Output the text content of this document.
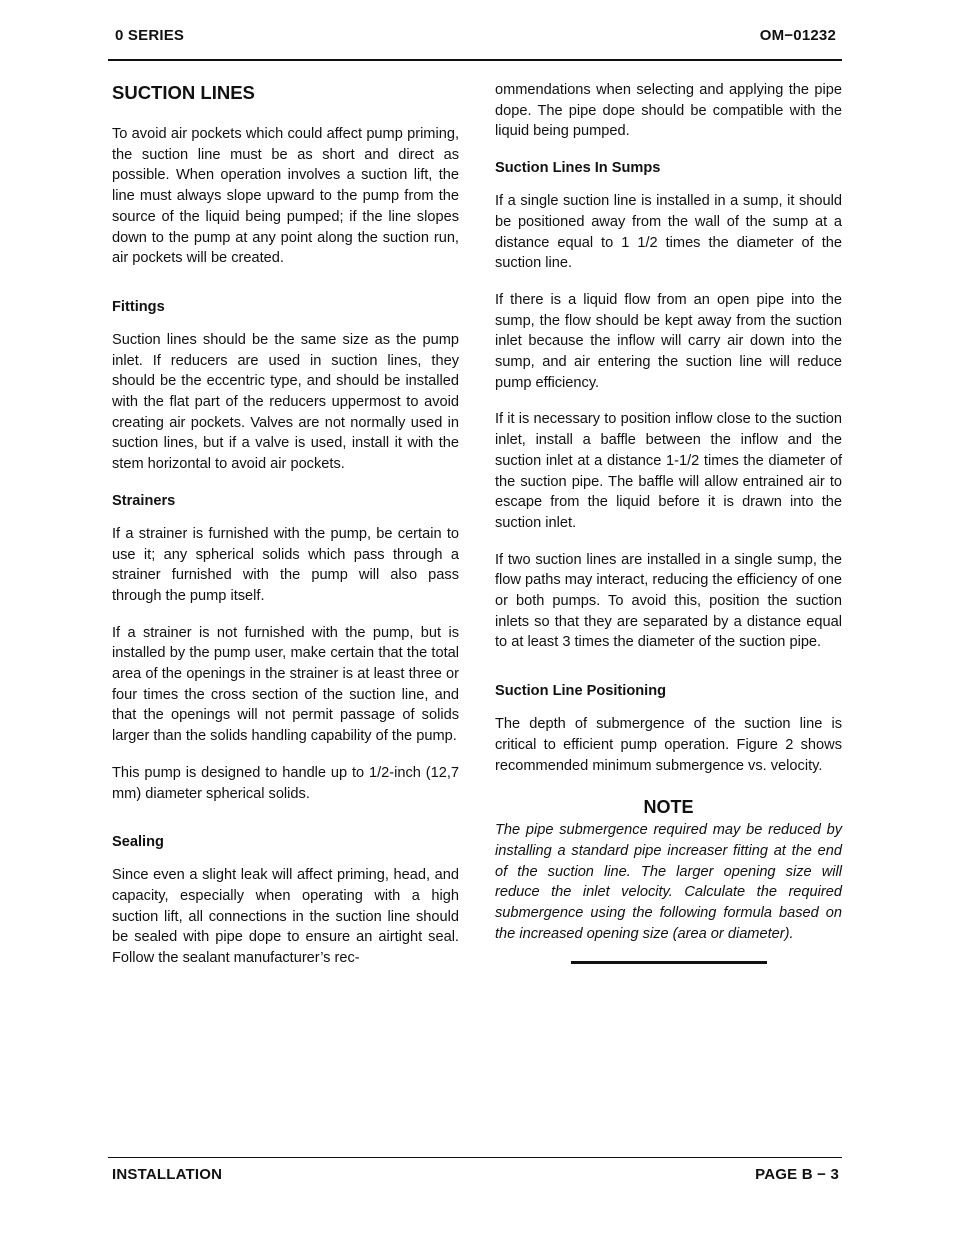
0 SERIES	OM−01232
SUCTION LINES

To avoid air pockets which could affect pump priming, the suction line must be as short and direct as possible. When operation involves a suction lift, the line must always slope upward to the pump from the source of the liquid being pumped; if the line slopes down to the pump at any point along the suction run, air pockets will be created.

Fittings

Suction lines should be the same size as the pump inlet. If reducers are used in suction lines, they should be the eccentric type, and should be installed with the flat part of the reducers uppermost to avoid creating air pockets. Valves are not normally used in suction lines, but if a valve is used, install it with the stem horizontal to avoid air pockets.

Strainers

If a strainer is furnished with the pump, be certain to use it; any spherical solids which pass through a strainer furnished with the pump will also pass through the pump itself.

If a strainer is not furnished with the pump, but is installed by the pump user, make certain that the total area of the openings in the strainer is at least three or four times the cross section of the suction line, and that the openings will not permit passage of solids larger than the solids handling capability of the pump.

This pump is designed to handle up to 1/2-inch (12,7 mm) diameter spherical solids.

Sealing

Since even a slight leak will affect priming, head, and capacity, especially when operating with a high suction lift, all connections in the suction line should be sealed with pipe dope to ensure an airtight seal. Follow the sealant manufacturer’s rec-

ommendations when selecting and applying the pipe dope. The pipe dope should be compatible with the liquid being pumped.

Suction Lines In Sumps

If a single suction line is installed in a sump, it should be positioned away from the wall of the sump at a distance equal to 1 1/2 times the diameter of the suction line.

If there is a liquid flow from an open pipe into the sump, the flow should be kept away from the suction inlet because the inflow will carry air down into the sump, and air entering the suction line will reduce pump efficiency.

If it is necessary to position inflow close to the suction inlet, install a baffle between the inflow and the suction inlet at a distance 1-1/2 times the diameter of the suction pipe. The baffle will allow entrained air to escape from the liquid before it is drawn into the suction inlet.

If two suction lines are installed in a single sump, the flow paths may interact, reducing the efficiency of one or both pumps. To avoid this, position the suction inlets so that they are separated by a distance equal to at least 3 times the diameter of the suction pipe.

Suction Line Positioning

The depth of submergence of the suction line is critical to efficient pump operation. Figure 2 shows recommended minimum submergence vs. velocity.

NOTE

The pipe submergence required may be reduced by installing a standard pipe increaser fitting at the end of the suction line. The larger opening size will reduce the inlet velocity. Calculate the required submergence using the following formula based on the increased opening size (area or diameter).

INSTALLATION	PAGE B − 3
